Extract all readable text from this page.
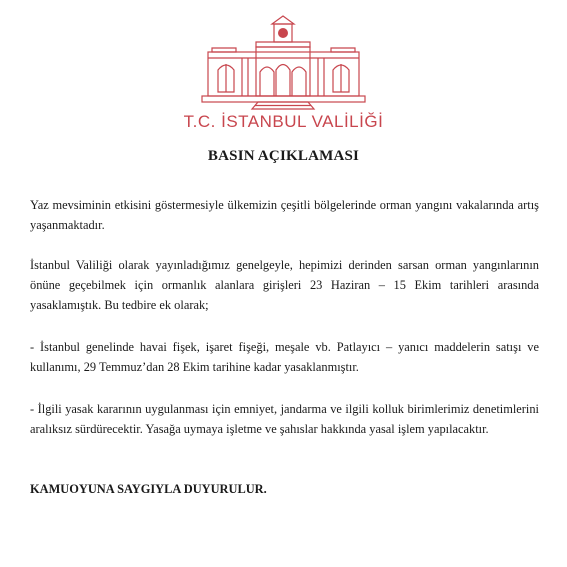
T.C. İSTANBUL VALİLİĞİ
BASIN AÇIKLAMASI
Yaz mevsiminin etkisini göstermesiyle ülkemizin çeşitli bölgelerinde orman yangını vakalarında artış yaşanmaktadır.
İstanbul Valiliği olarak yayınladığımız genelgeyle, hepimizi derinden sarsan orman yangınlarının önüne geçebilmek için ormanlık alanlara girişleri 23 Haziran – 15 Ekim tarihleri arasında yasaklamıştık. Bu tedbire ek olarak;
- İstanbul genelinde havai fişek, işaret fişeği, meşale vb. Patlayıcı – yanıcı maddelerin satışı ve kullanımı, 29 Temmuz’dan 28 Ekim tarihine kadar yasaklanmıştır.
- İlgili yasak kararının uygulanması için emniyet, jandarma ve ilgili kolluk birimlerimiz denetimlerini aralıksız sürdürecektir. Yasağa uymaya işletme ve şahıslar hakkında yasal işlem yapılacaktır.
KAMUOYUNA SAYGIYLA DUYURULUR.
